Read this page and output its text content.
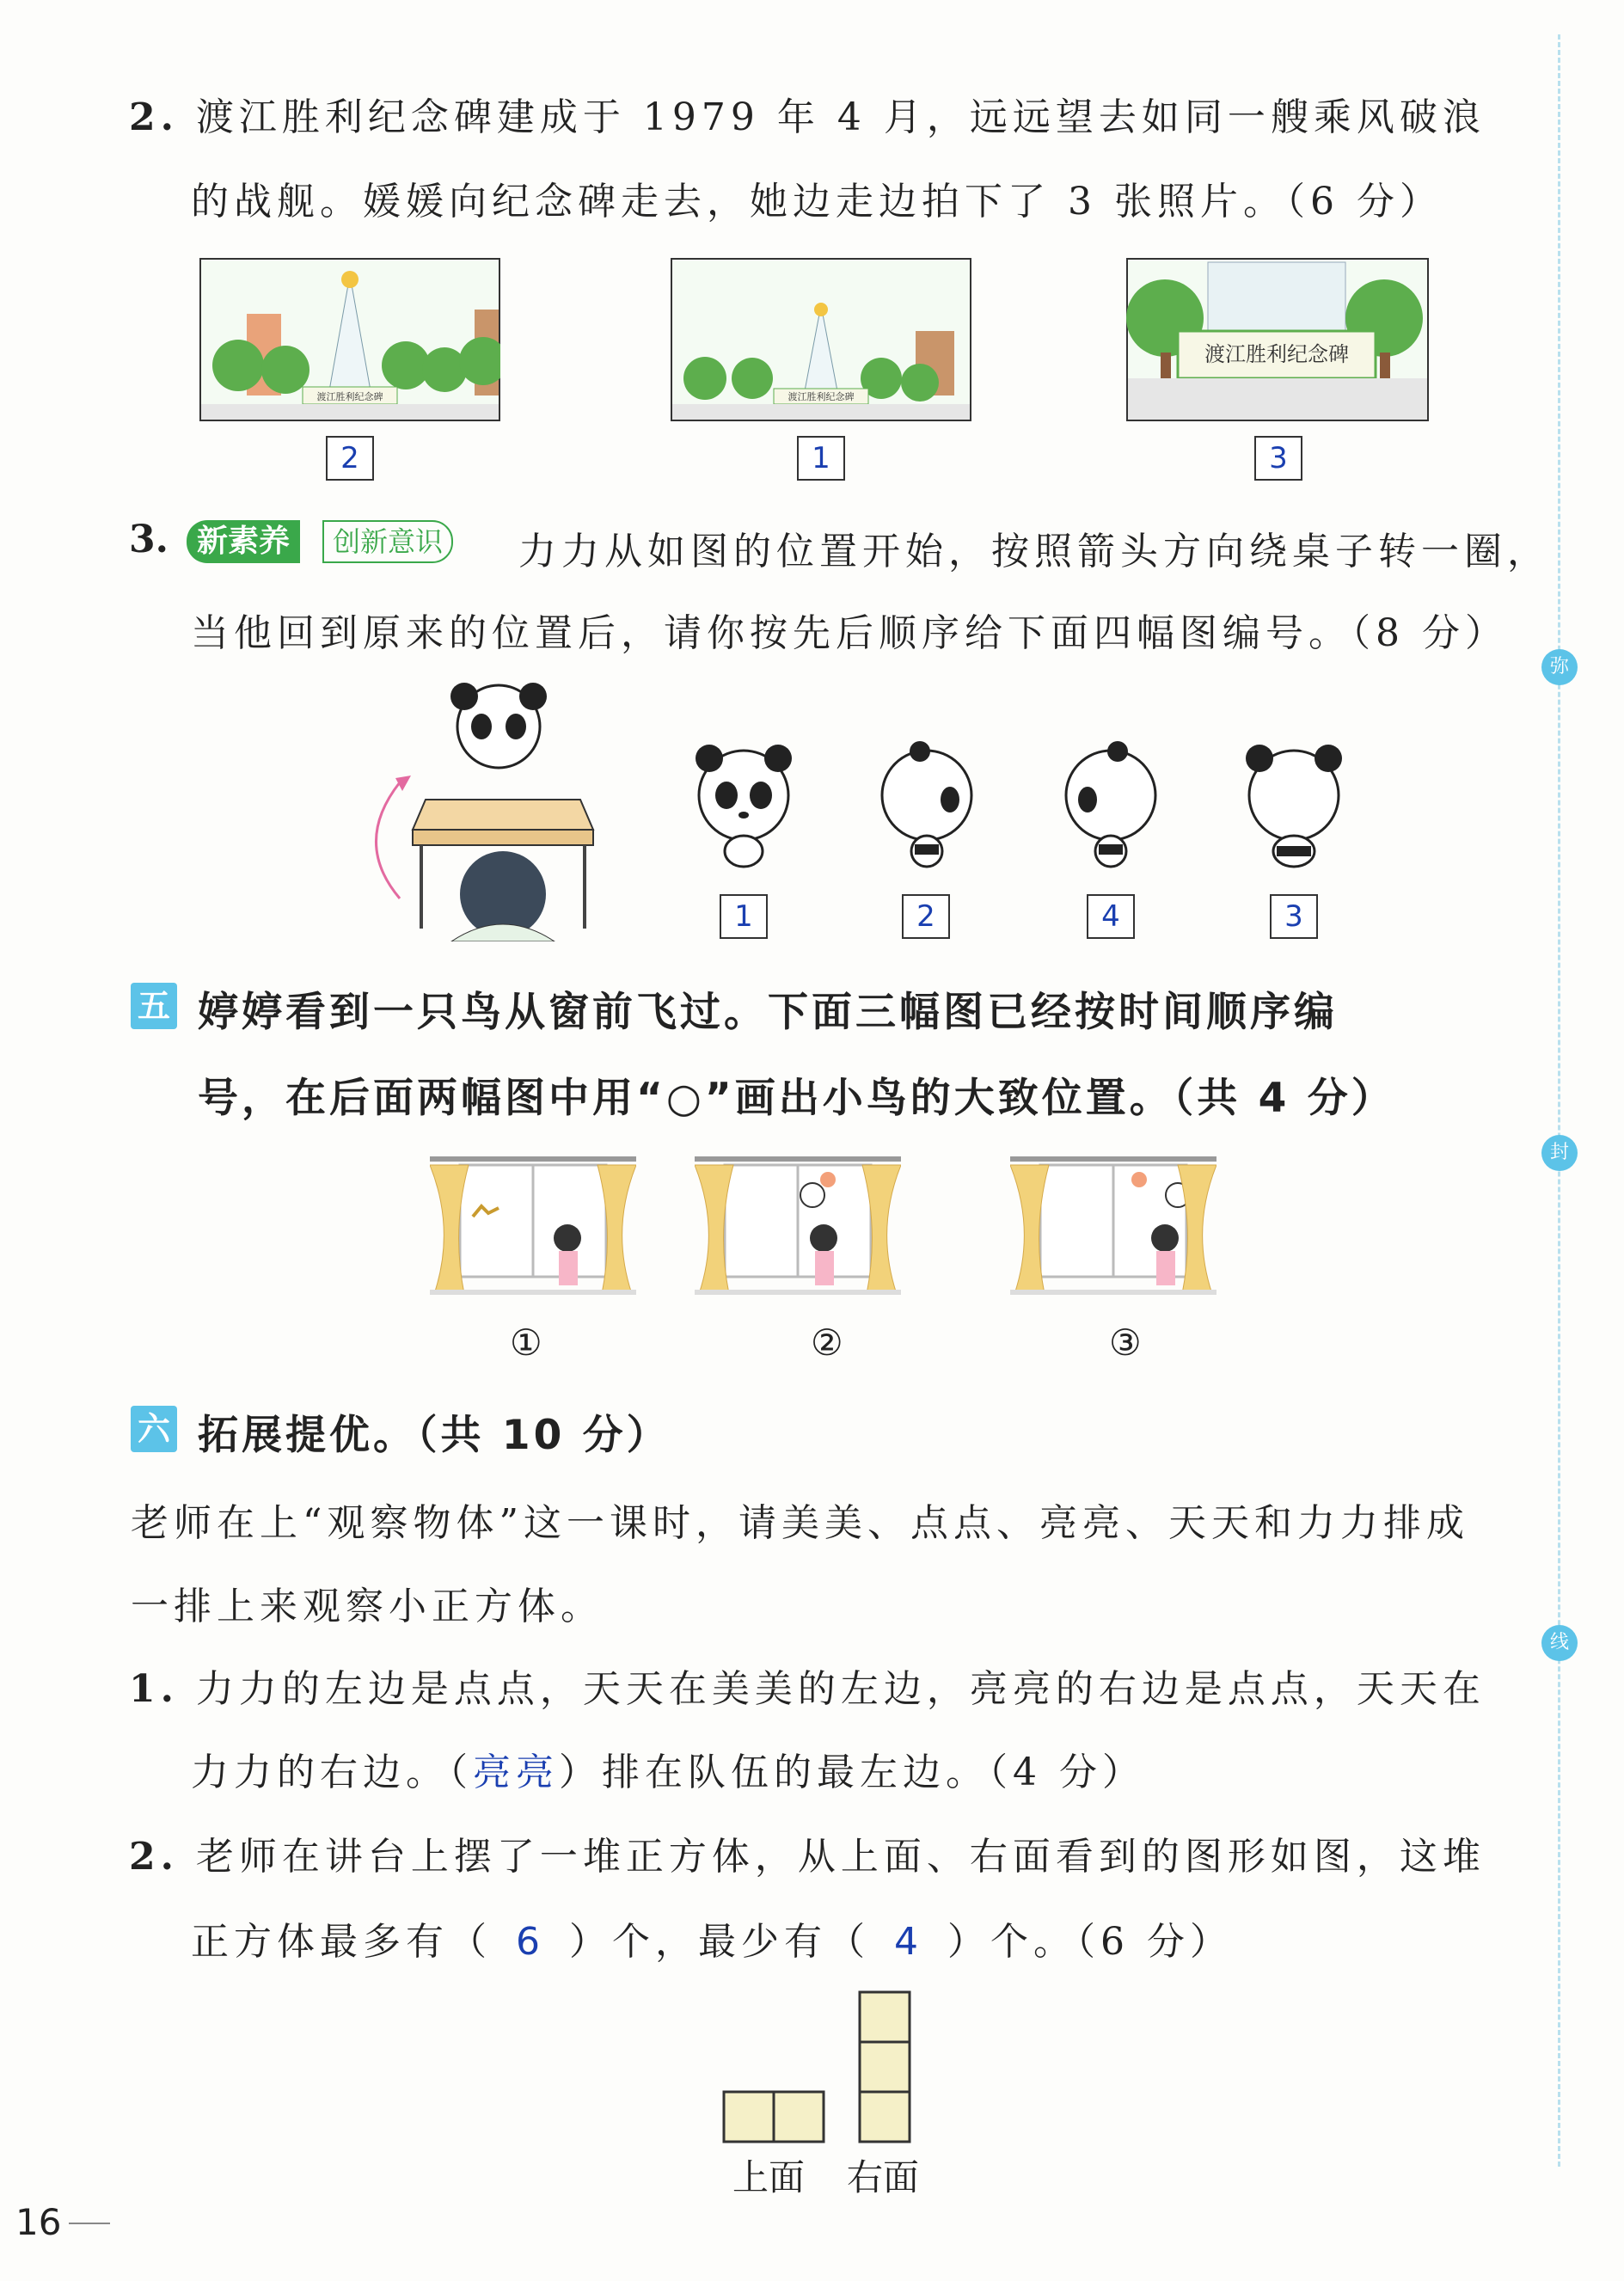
弥
封
线
2. 渡江胜利纪念碑建成于 1979 年 4 月，远远望去如同一艘乘风破浪
的战舰。媛媛向纪念碑走去，她边走边拍下了 3 张照片。（6 分）
渡江胜利纪念碑	渡江胜利纪念碑
渡江胜利纪念碑
2	1	3
3. 新素养	创新意识 力力从如图的位置开始，按照箭头方向绕桌子转一圈，
当他回到原来的位置后，请你按先后顺序给下面四幅图编号。（8 分）
1	2	4	3
五 婷婷看到一只鸟从窗前飞过。下面三幅图已经按时间顺序编
号，在后面两幅图中用“○”画出小鸟的大致位置。（共 4 分）
①	②	③
六 拓展提优。（共 10 分）
老师在上“观察物体”这一课时，请美美、点点、亮亮、天天和力力排成
一排上来观察小正方体。
1. 力力的左边是点点，天天在美美的左边，亮亮的右边是点点，天天在
力力的右边。（亮亮）排在队伍的最左边。（4 分）
2. 老师在讲台上摆了一堆正方体，从上面、右面看到的图形如图，这堆
正方体最多有（ 6 ）个，最少有（ 4 ）个。（6 分）
上面 右面
16
